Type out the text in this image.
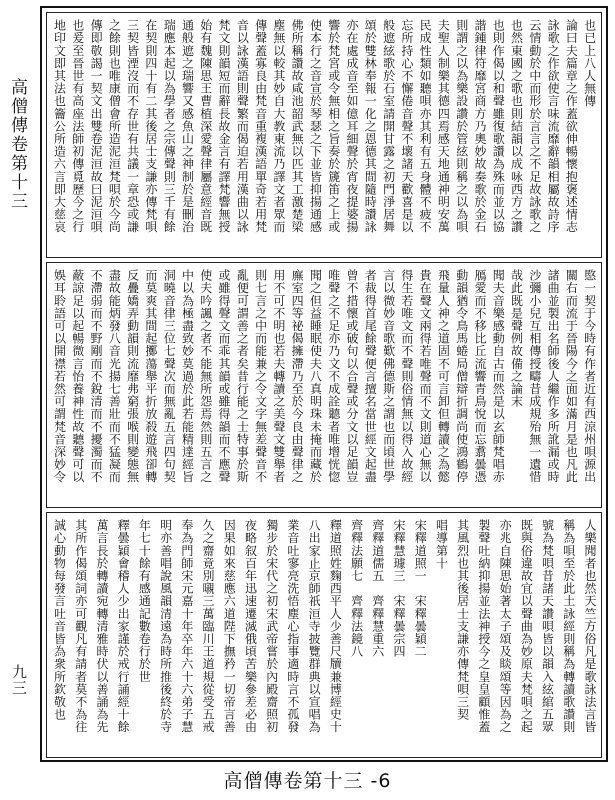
高僧傳卷第十三
九三
也已上八人無傳
論曰夫篇章之作蓋欲伸暢懷抱褒述情志
詠歌之作欲使言味流靡辭韻相屬故詩序
云情動於中而形於言言之不足故詠歌之
也然東國之歌也則結韻以成咏西方之讚
也則作偈以和聲雖復歌讚為殊而並以協
諧鍾律符靡宮商方乃奧妙故奏歌於金石
則謂之以為樂設讚於管絃則稱之以為唄
夫聖人制樂其德四焉感天地通神明安萬
民成性類如聽唄亦其利有五身體不疲不
忘所持心不懈倦音聲不壞諸天歡喜是以
般遮絃歌於石室請開甘露之初門淨居舞
頌於雙林奉報一化之恩德其間隨時讚詠
亦在處成音至如億耳細聲於宵夜提婆揚
響於梵宮或令無相之旨奏於篪笛之上或
使本行之音宣於琴瑟之下並皆抑揚通感
佛所稱讚故咸池韶武無以匹其工激楚梁
塵無以較其妙自大教東流乃譯文者眾而
傳聲蓋寡良由梵音重複漢語單奇若用梵
音以詠漢語則聲繁而偈迫若用漢曲以詠
梵文則韻短而辭長故金言有譯梵響無授
始有魏陳思王曹植深愛聲律屬意經音既
通般遮之瑞響又感魚山之神制於是刪治
瑞應本起以為學者之宗傳聲則三千有餘
在契則四十有二其後居士支謙亦傳梵唄
三契皆湮沒而不存世有共議一章恐或謙
之餘則也唯康僧會所造泥洹梵唄於今尚
傳即敬謁一契文出雙卷泥洹故曰泥洹唄
也爰至晉世有高座法師初傳覓歷今之行
地印文即其法也籥公所造六言即大慈哀
愍一契于今時有作者近有西涼州唄源出
關右而流于晉陽今之面如滿月是也凡此
諸曲並製出名師後人繼作多所訛漏或時
沙彌小兒互相傳授疇昔成規殆無一遺惜
哉此既是聲例故備之論末
聞夫音樂感動自古而然是以玄師梵唱赤
鴈愛而不移比丘流響青鳥悅而忘翥曇憑
動韻猶令鳥馬蜷局僧辯折調尚使鴻鶴停
飛量人神之道固不可言卸但轉讀之為懿
貴在聲文兩得若唯聲而不文則道心無以
得生若唯文而不聲則俗情無以得入故經
言以微妙音歌歎佛德斯之謂也而頃世學
者裁得首尾餘聲便言擅名當世經文起盡
曾不措懷或破句以合聲或分文以足韻豈
唯聲之不足亦乃文不成詮聽者唯增恍惚
聞之但益睡眠使夫八真明珠未掩而藏於
廡室四等祕偈擁滯乃至於今良由聲律之
用不可不明也若夫轉讀之美聲文雙舉者
則七言之中而能兼之令文字無差聲音不
亂便可謂善之者矣昔行能之士特事於斯
或雖得聲文而乖其韻或雖得韻而不應聲
使夫吟諷之者不能無所怨焉然則五言之
中以為極盡致妙莫過於此若能精達經旨
洞曉音律三位七聲次而無亂五言四句契
而莫爽其間起擲蕩舉平折放殺遊飛卻轉
反疊嬌弄動韻則流靡弗窮張喉則變態無
盡故能炳發八音光揚七善壯而不猛凝而
不滯弱而不野剛而不銳清而不擾濁而不
蔽諒足以起暢微言怡養神性故聽聲可以
娛耳聆語可以開襟若然可謂梵音深妙令
人樂聞者也然天竺方俗凡是歌詠法言皆
稱為唄至於此土詠經則稱為轉讀歌讚則
號為梵唄昔諸天讚唄皆以韻入絃綰五眾
既與俗違故宜以聲曲為妙原夫梵唄之起
亦兆自陳思始著太子頌及睒頌等因為之
製聲吐納抑揚並法神授今之皇皇顧惟蓋
其風烈也其後居士支謙亦傳梵唄三契
唱導第十
宋釋道照一　宋釋曇穎二
宋釋慧璩三　宋釋曇宗四
齊釋道儒五　齊釋慧重六
齊釋法願七　齊釋法鏡八
釋道照姓麴西平人少善尺牘兼博經史十
八出家止京師祇洹寺披覽群典以宣唱為
業音吐寥亮洗悟塵心指事適時言不孤發
獨步於宋代之初宋武帝嘗於內殿齋照初
夜略叙百年迅速遷滅俄頃苦樂參差必由
因果如來慈應六道陛下撫矜一切帝言善
久之齋竟別嚫三萬臨川王道規從受五戒
奉為門師宋元嘉十年卒年六十六弟子慧
明亦善唱說風韻清遠為時所推後終於寺
年七十餘有感通記數卷行於世
釋曇穎會稽人少出家謹於戒行誦經十餘
萬言長於轉讀宛轉清雅時伏以善誦為先
其所作偈頌詞亦可觀凡有請者莫不為往
誠心動物每發言吐音皆為衆所欽敬也
高僧傳卷第十三 -6
